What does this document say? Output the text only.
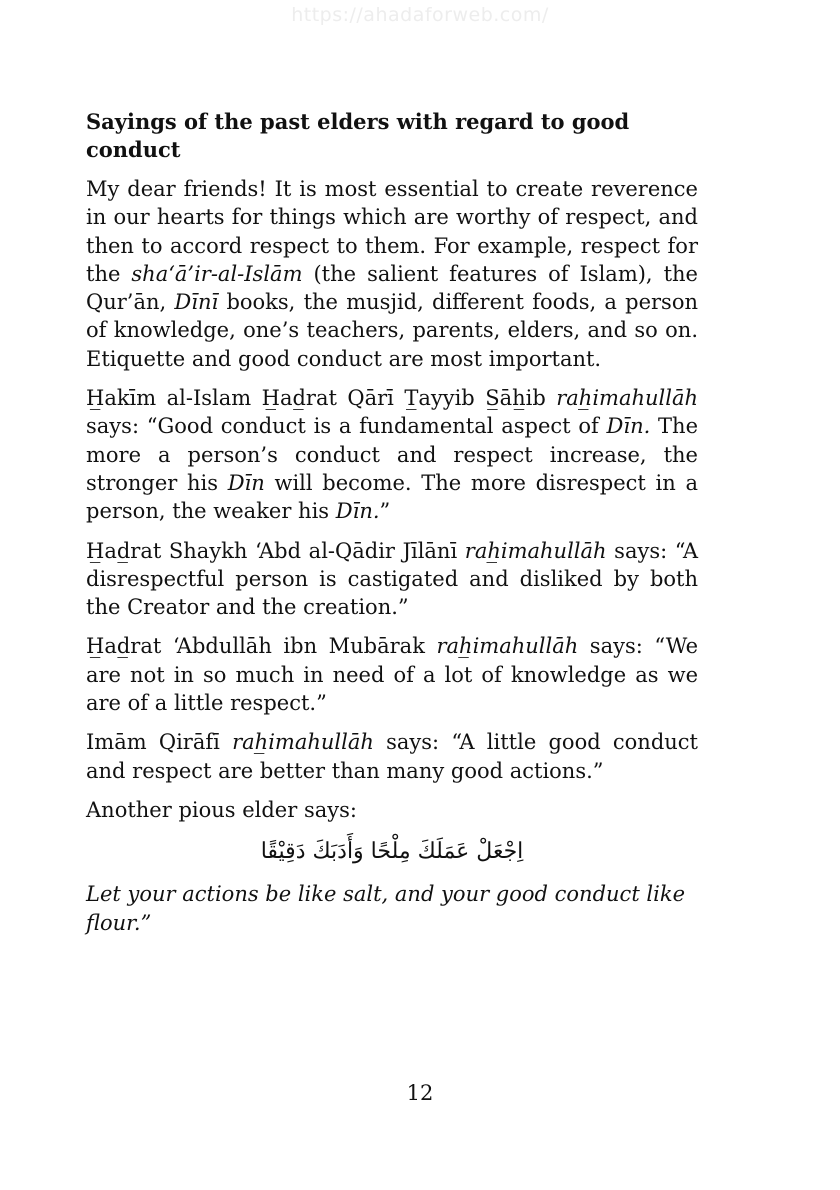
https://ahadaforweb.com/
Sayings of the past elders with regard to good conduct

My dear friends! It is most essential to create reverence in our hearts for things which are worthy of respect, and then to accord respect to them. For example, respect for the sha‘ā’ir-al-Islām (the salient features of Islam), the Qur’ān, Dīnī books, the musjid, different foods, a person of knowledge, one’s teachers, parents, elders, and so on. Etiquette and good conduct are most important.

H̲akīm al-Islam H̲ad̲rat Qārī T̲ayyib S̲āh̲ib rah̲imahullāh says: “Good conduct is a fundamental aspect of Dīn. The more a person’s conduct and respect increase, the stronger his Dīn will become. The more disrespect in a person, the weaker his Dīn.”

H̲ad̲rat Shaykh ‘Abd al-Qādir Jīlānī rah̲imahullāh says: “A disrespectful person is castigated and disliked by both the Creator and the creation.”

H̲ad̲rat ‘Abdullāh ibn Mubārak rah̲imahullāh says: “We are not in so much in need of a lot of knowledge as we are of a little respect.”

Imām Qirāfī rah̲imahullāh says: “A little good conduct and respect are better than many good actions.”

Another pious elder says:

اِجْعَلْ عَمَلَكَ مِلْحًا وَأَدَبَكَ دَقِيْقًا

Let your actions be like salt, and your good conduct like flour.”

12
